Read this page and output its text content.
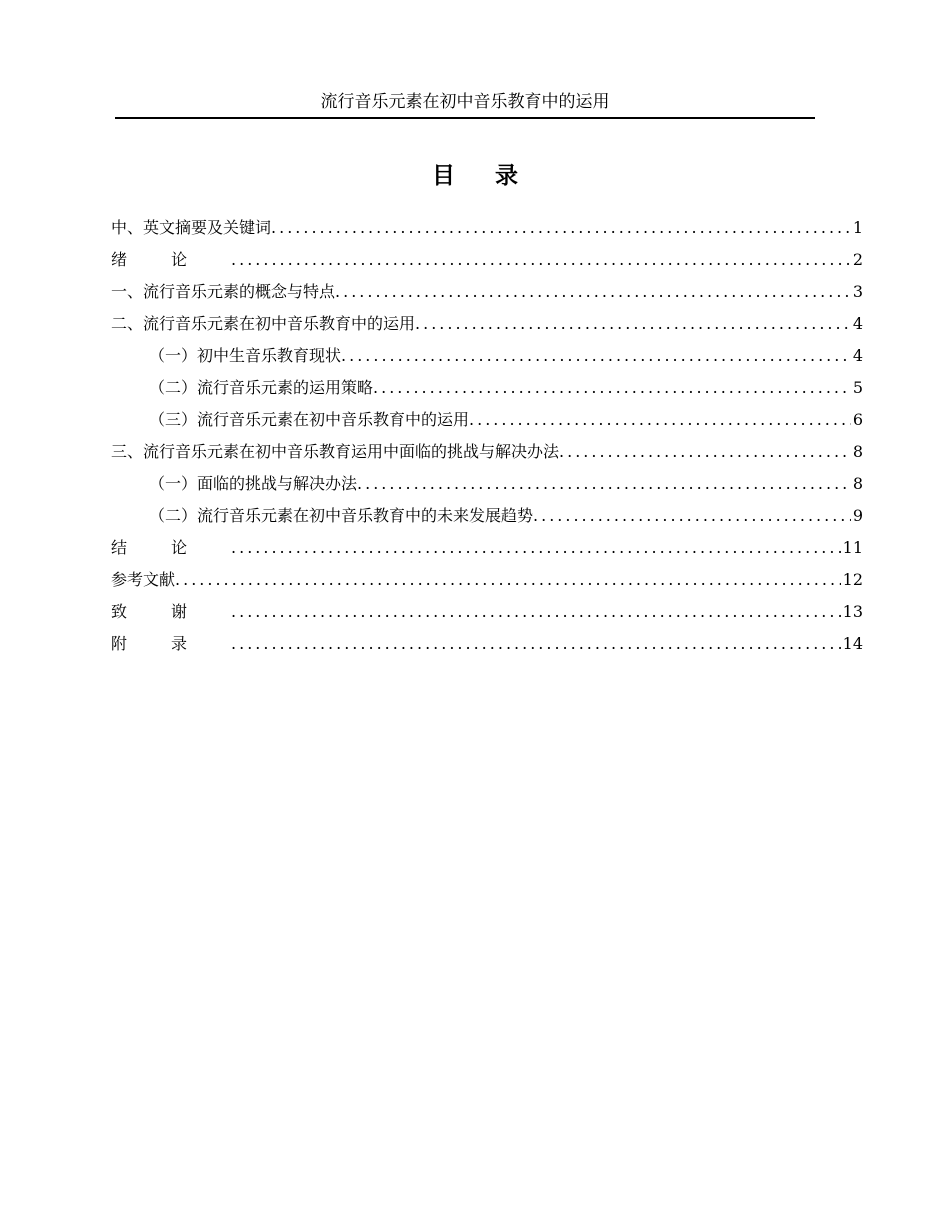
流行音乐元素在初中音乐教育中的运用
目录
中、英文摘要及关键词 .....	1
绪论 .....	2
一、流行音乐元素的概念与特点 .....	3
二、流行音乐元素在初中音乐教育中的运用 .....	4
（一）初中生音乐教育现状 .....	4
（二）流行音乐元素的运用策略 .....	5
（三）流行音乐元素在初中音乐教育中的运用 .....	6
三、流行音乐元素在初中音乐教育运用中面临的挑战与解决办法 .....	8
（一）面临的挑战与解决办法 .....	8
（二）流行音乐元素在初中音乐教育中的未来发展趋势 .....	9
结论 .....	11
参考文献 .....	12
致谢 .....	13
附录 .....	14
